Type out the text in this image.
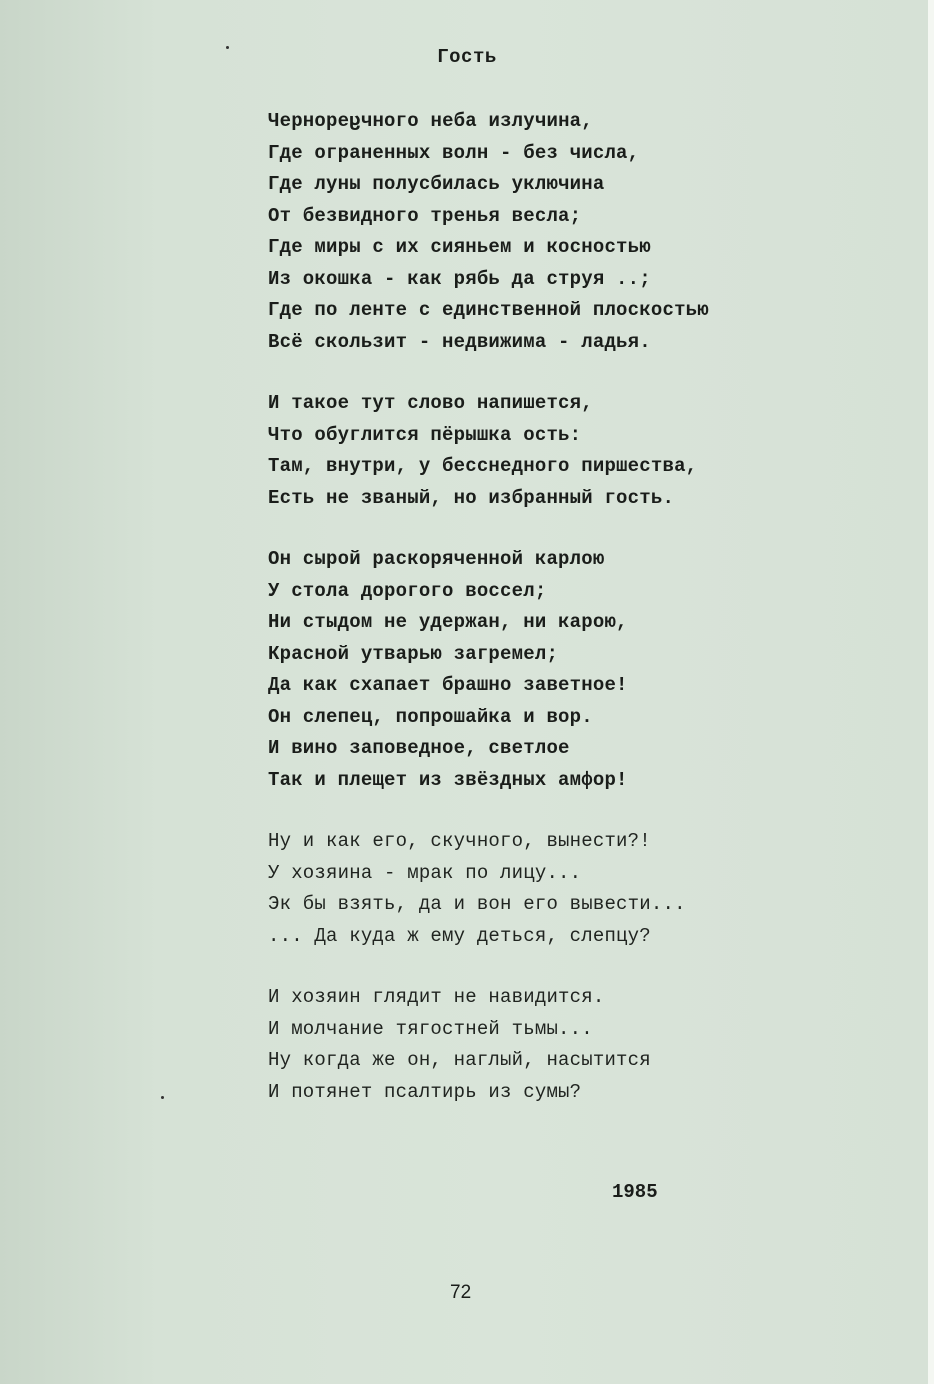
Гость
Чернореჸчного неба излучина,
Где ограненных волн - без числа,
Где луны полусбилась уключина
От безвидного тренья весла;
Где миры с их сияньем и косностью
Из окошка - как рябь да струя ..;
Где по ленте с единственной плоскостью
Всё скользит - недвижима - ладья.
И такое тут слово напишется,
Что обуглится пёрышка ость:
Там, внутри, у бесснедного пиршества,
Есть не званый, но избранный гость.
Он сырой раскоряченной карлою
У стола дорогого воссел;
Ни стыдом не удержан, ни карою,
Красной утварью загремел;
Да как схапает брашно заветное!
Он слепец, попрошайка и вор.
И вино заповедное, светлое
Так и плещет из звёздных амфор!
Ну и как его, скучного, вынести?!
У хозяина - мрак по лицу...
Эк бы взять, да и вон его вывести...
... Да куда ж ему деться, слепцу?
И хозяин глядит не навидится.
И молчание тягостней тьмы...
Ну когда же он, наглый, насытится
И потянет псалтирь из сумы?
1985
72
